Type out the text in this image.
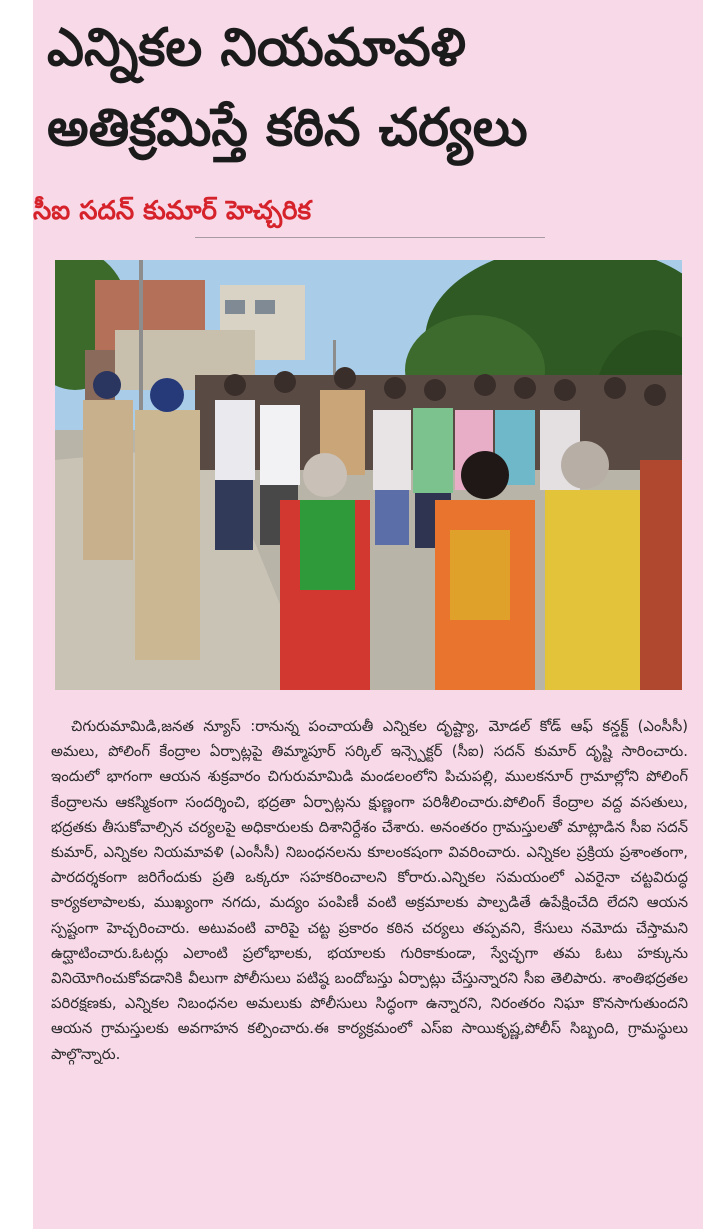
ఎన్నికల నియమావళి
అతిక్రమిస్తే కఠిన చర్యలు
సీఐ సదన్ కుమార్ హెచ్చరిక

చిగురుమామిడి,జనత న్యూస్ :రానున్న పంచాయతీ ఎన్నికల దృష్ట్యా, మోడల్ కోడ్ ఆఫ్ కన్డక్ట్ (ఎంసీసీ) అమలు, పోలింగ్ కేంద్రాల ఏర్పాట్లపై తిమ్మాపూర్ సర్కిల్ ఇన్స్పెక్టర్ (సీఐ) సదన్ కుమార్ దృష్టి సారించారు. ఇందులో భాగంగా ఆయన శుక్రవారం చిగురుమామిడి మండలంలోని పిచుపల్లి, ములకనూర్ గ్రామాల్లోని పోలింగ్ కేంద్రాలను ఆకస్మికంగా సందర్శించి, భద్రతా ఏర్పాట్లను క్షుణ్ణంగా పరిశీలించారు.పోలింగ్ కేంద్రాల వద్ద వసతులు, భద్రతకు తీసుకోవాల్సిన చర్యలపై అధికారులకు దిశానిర్దేశం చేశారు. అనంతరం గ్రామస్తులతో మాట్లాడిన సీఐ సదన్ కుమార్, ఎన్నికల నియమావళి (ఎంసీసీ) నిబంధనలను కూలంకషంగా వివరించారు. ఎన్నికల ప్రక్రియ ప్రశాంతంగా, పారదర్శకంగా జరిగేందుకు ప్రతి ఒక్కరూ సహకరించాలని కోరారు.ఎన్నికల సమయంలో ఎవరైనా చట్టవిరుద్ధ కార్యకలాపాలకు, ముఖ్యంగా నగదు, మద్యం పంపిణీ వంటి అక్రమాలకు పాల్పడితే ఉపేక్షించేది లేదని ఆయన స్పష్టంగా హెచ్చరించారు. అటువంటి వారిపై చట్ట ప్రకారం కఠిన చర్యలు తప్పవని, కేసులు నమోదు చేస్తామని ఉద్ఘాటించారు.ఓటర్లు ఎలాంటి ప్రలోభాలకు, భయాలకు గురికాకుండా, స్వేచ్ఛగా తమ ఓటు హక్కును వినియోగించుకోవడానికి వీలుగా పోలీసులు పటిష్ఠ బందోబస్తు ఏర్పాట్లు చేస్తున్నారని సీఐ తెలిపారు. శాంతిభద్రతల పరిరక్షణకు, ఎన్నికల నిబంధనల అమలుకు పోలీసులు సిద్ధంగా ఉన్నారని, నిరంతరం నిఘా కొనసాగుతుందని ఆయన గ్రామస్తులకు అవగాహన కల్పించారు.ఈ కార్యక్రమంలో ఎస్ఐ సాయికృష్ణ,పోలీస్ సిబ్బంది, గ్రామస్థులు పాల్గొన్నారు.
